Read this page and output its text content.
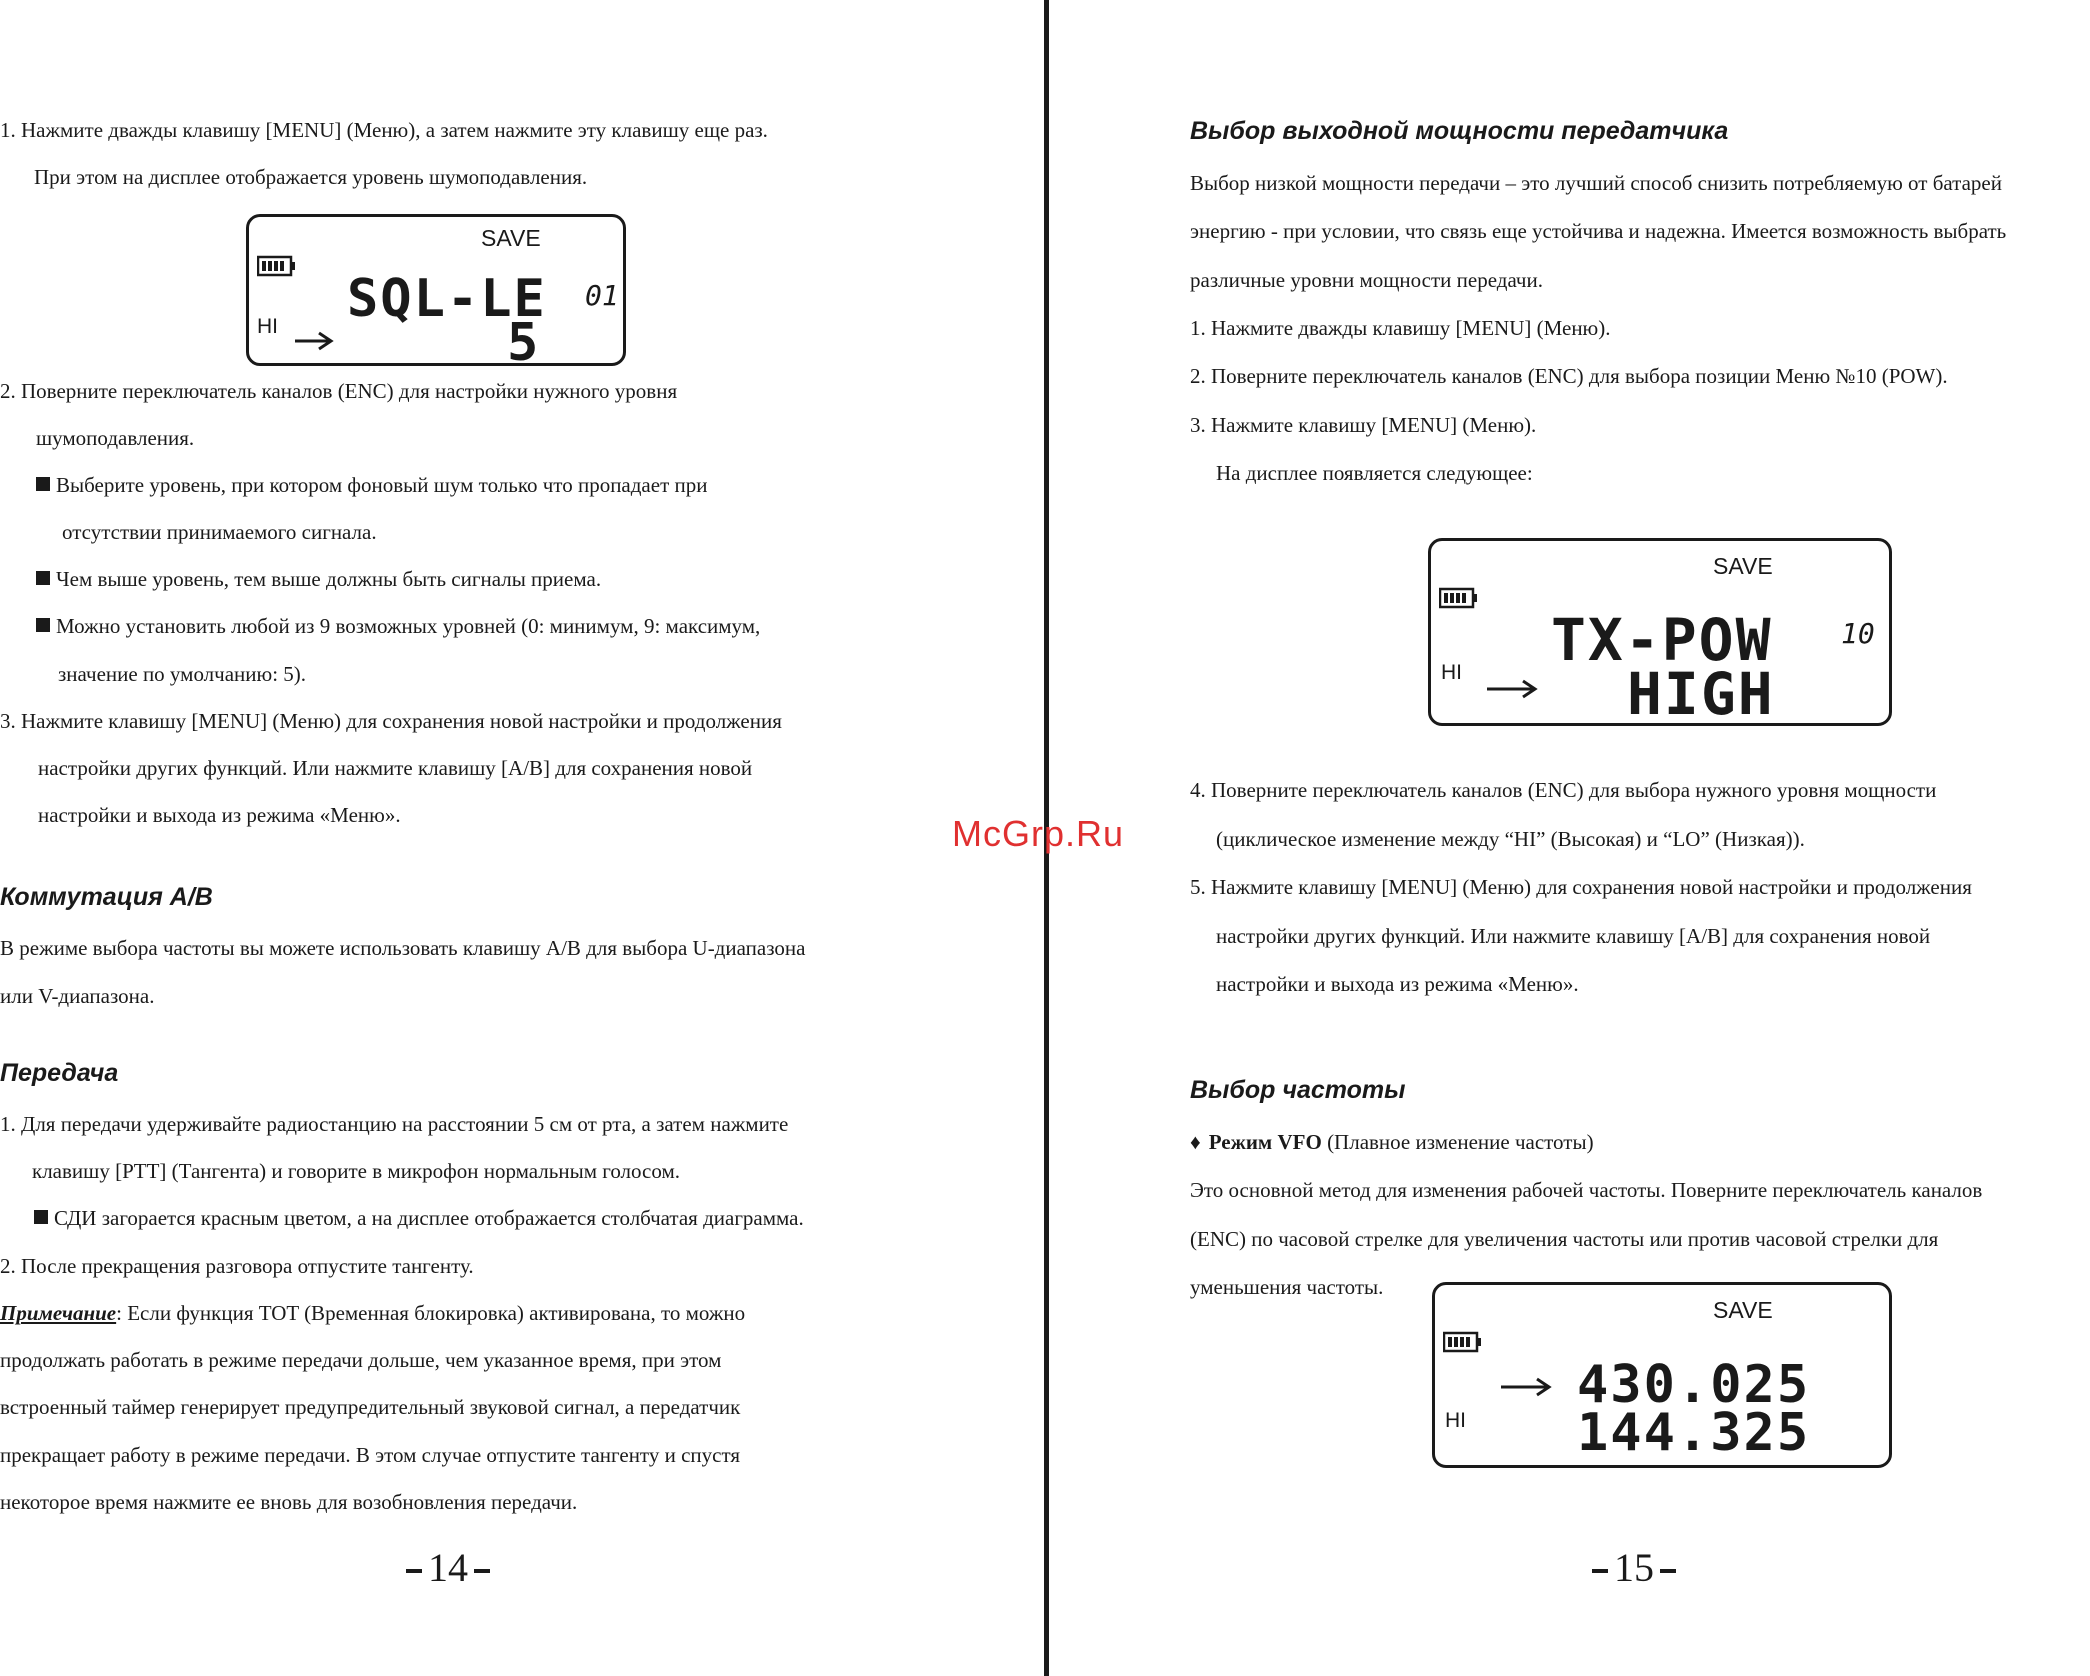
1. Нажмите дважды клавишу [MENU] (Меню), а затем нажмите эту клавишу еще раз.
При этом на дисплее отображается уровень шумоподавления.
SAVE
HI SQL-LE
5
01
2. Поверните переключатель каналов (ENC) для настройки нужного уровня
шумоподавления.
Выберите уровень, при котором фоновый шум только что пропадает при
отсутствии принимаемого сигнала.
Чем выше уровень, тем выше должны быть сигналы приема.
Можно установить любой из 9 возможных уровней (0: минимум, 9: максимум,
значение по умолчанию: 5).
3. Нажмите клавишу [MENU] (Меню) для сохранения новой настройки и продолжения
настройки других функций. Или нажмите клавишу [A/B] для сохранения новой
настройки и выхода из режима «Меню».
Коммутация A/B
В режиме выбора частоты вы можете использовать клавишу A/B для выбора U-диапазона
или V-диапазона.
Передача
1. Для передачи удерживайте радиостанцию на расстоянии 5 см от рта, а затем нажмите
клавишу [PTT] (Тангента) и говорите в микрофон нормальным голосом.
СДИ загорается красным цветом, а на дисплее отображается столбчатая диаграмма.
2. После прекращения разговора отпустите тангенту.
Примечание: Если функция TOT (Временная блокировка) активирована, то можно
продолжать работать в режиме передачи дольше, чем указанное время, при этом
встроенный таймер генерирует предупредительный звуковой сигнал, а передатчик
прекращает работу в режиме передачи. В этом случае отпустите тангенту и спустя
некоторое время нажмите ее вновь для возобновления передачи.
14
Выбор выходной мощности передатчика
Выбор низкой мощности передачи – это лучший способ снизить потребляемую от батарей
энергию - при условии, что связь еще устойчива и надежна. Имеется возможность выбрать
различные уровни мощности передачи.
1. Нажмите дважды клавишу [MENU] (Меню).
2. Поверните переключатель каналов (ENC) для выбора позиции Меню №10 (POW).
3. Нажмите клавишу [MENU] (Меню).
На дисплее появляется следующее:
SAVE
HI TX-POW
HIGH
10
4. Поверните переключатель каналов (ENC) для выбора нужного уровня мощности
(циклическое изменение между “HI” (Высокая) и “LO” (Низкая)).
5. Нажмите клавишу [MENU] (Меню) для сохранения новой настройки и продолжения
настройки других функций. Или нажмите клавишу [A/B] для сохранения новой
настройки и выхода из режима «Меню».
Выбор частоты
♦ Режим VFO (Плавное изменение частоты)
Это основной метод для изменения рабочей частоты. Поверните переключатель каналов
(ENC) по часовой стрелке для увеличения частоты или против часовой стрелки для
уменьшения частоты.
SAVE
HI
430.025
144.325
15
McGrp.Ru
